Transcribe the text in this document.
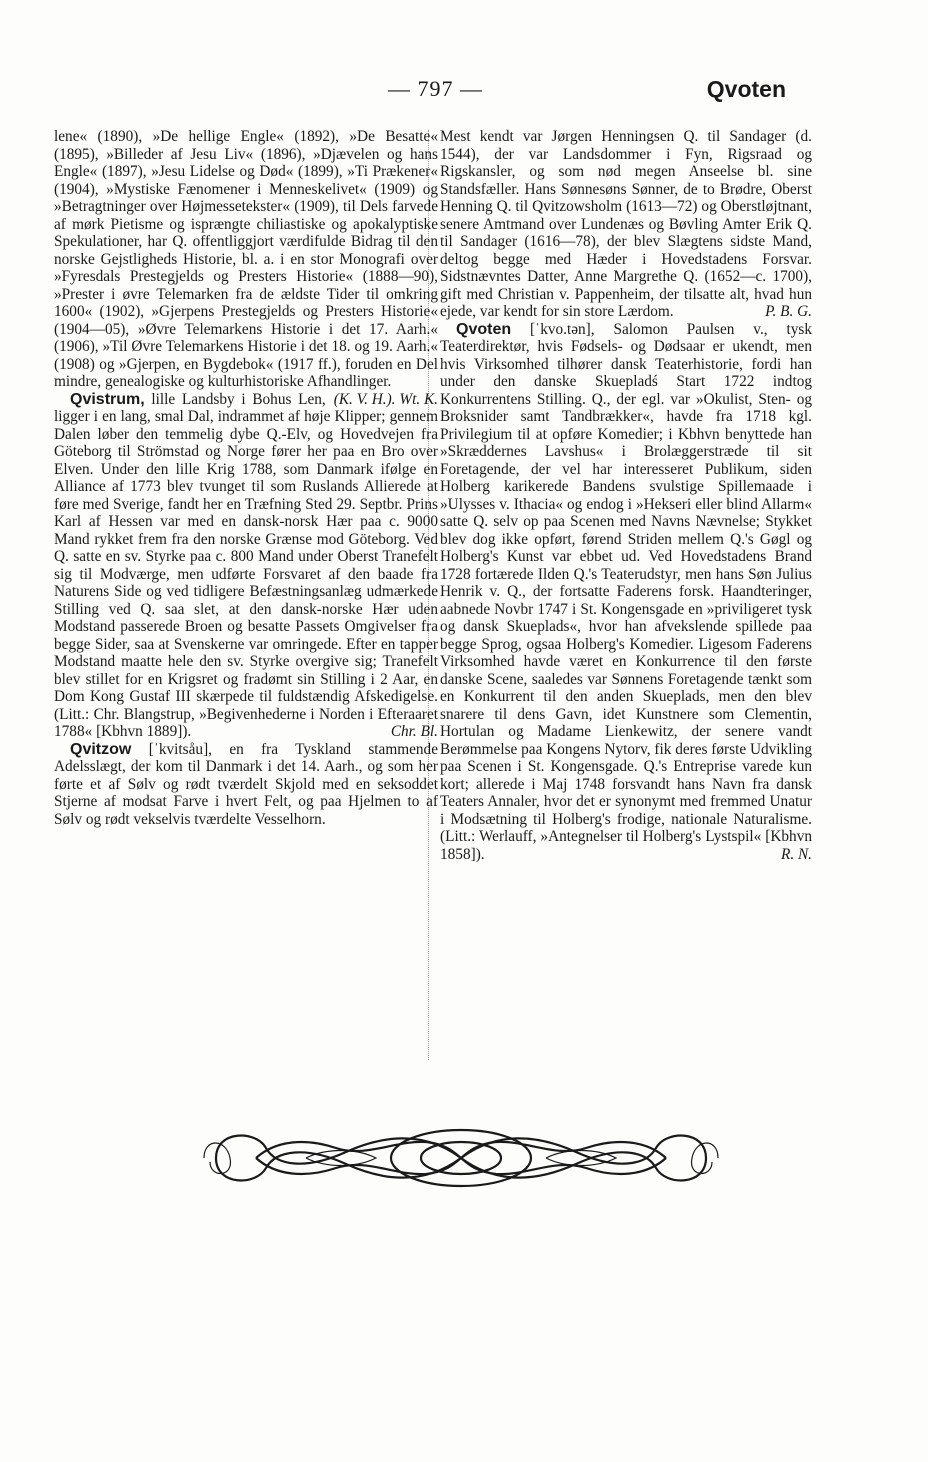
— 797 —	Qvoten

lene« (1890), »De hellige Engle« (1892), »De Besatte« (1895), »Billeder af Jesu Liv« (1896), »Djævelen og hans Engle« (1897), »Jesu Lidelse og Død« (1899), »Ti Prækener« (1904), »Mystiske Fænomener i Menneskelivet« (1909) og »Betragtninger over Højmessetekster« (1909), til Dels farvede af mørk Pietisme og isprængte chiliastiske og apokalyptiske Spekulationer, har Q. offentliggjort værdifulde Bidrag til den norske Gejstligheds Historie, bl. a. i en stor Monografi over »Fyresdals Prestegjelds og Presters Historie« (1888—90), »Prester i øvre Telemarken fra de ældste Tider til omkring 1600« (1902), »Gjerpens Prestegjelds og Presters Historie« (1904—05), »Øvre Telemarkens Historie i det 17. Aarh.« (1906), »Til Øvre Telemarkens Historie i det 18. og 19. Aarh.« (1908) og »Gjerpen, en Bygdebok« (1917 ff.), foruden en Del mindre, genealogiske og kulturhistoriske Afhandlinger.
(K. V. H.). Wt. K.

Qvistrum, lille Landsby i Bohus Len, ligger i en lang, smal Dal, indrammet af høje Klipper; gennem Dalen løber den temmelig dybe Q.-Elv, og Hovedvejen fra Göteborg til Strömstad og Norge fører her paa en Bro over Elven. Under den lille Krig 1788, som Danmark ifølge en Alliance af 1773 blev tvunget til som Ruslands Allierede at føre med Sverige, fandt her en Træfning Sted 29. Septbr. Prins Karl af Hessen var med en dansk-norsk Hær paa c. 9000 Mand rykket frem fra den norske Grænse mod Göteborg. Ved Q. satte en sv. Styrke paa c. 800 Mand under Oberst Tranefelt sig til Modværge, men udførte Forsvaret af den baade fra Naturens Side og ved tidligere Befæstningsanlæg udmærkede Stilling ved Q. saa slet, at den dansk-norske Hær uden Modstand passerede Broen og besatte Passets Omgivelser fra begge Sider, saa at Svenskerne var omringede. Efter en tapper Modstand maatte hele den sv. Styrke overgive sig; Tranefelt blev stillet for en Krigsret og fradømt sin Stilling i 2 Aar, en Dom Kong Gustaf III skærpede til fuldstændig Afskedigelse. (Litt.: Chr. Blangstrup, »Begivenhederne i Norden i Efteraaret 1788« [Kbhvn 1889]).	Chr. Bl.

Qvitzow [ˈkvitsåu], en fra Tyskland stammende Adelsslægt, der kom til Danmark i det 14. Aarh., og som her førte et af Sølv og rødt tværdelt Skjold med en seksoddet Stjerne af modsat Farve i hvert Felt, og paa Hjelmen to af Sølv og rødt vekselvis tværdelte Vesselhorn.

Mest kendt var Jørgen Henningsen Q. til Sandager (d. 1544), der var Landsdommer i Fyn, Rigsraad og Rigskansler, og som nød megen Anseelse bl. sine Standsfæller. Hans Sønnesøns Sønner, de to Brødre, Oberst Henning Q. til Qvitzowsholm (1613—72) og Oberstløjtnant, senere Amtmand over Lundenæs og Bøvling Amter Erik Q. til Sandager (1616—78), der blev Slægtens sidste Mand, deltog begge med Hæder i Hovedstadens Forsvar. Sidstnævntes Datter, Anne Margrethe Q. (1652—c. 1700), gift med Christian v. Pappenheim, der tilsatte alt, hvad hun ejede, var kendt for sin store Lærdom.	P. B. G.

Qvoten [ˈkvo.tən], Salomon Paulsen v., tysk Teaterdirektør, hvis Fødsels- og Dødsaar er ukendt, men hvis Virksomhed tilhører dansk Teaterhistorie, fordi han under den danske Skuepladś Start 1722 indtog Konkurrentens Stilling. Q., der egl. var »Okulist, Sten- og Broksnider samt Tandbrækker«, havde fra 1718 kgl. Privilegium til at opføre Komedier; i Kbhvn benyttede han »Skræddernes Lavshus« i Brolæggerstræde til sit Foretagende, der vel har interesseret Publikum, siden Holberg karikerede Bandens svulstige Spillemaade i »Ulysses v. Ithacia« og endog i »Hekseri eller blind Allarm« satte Q. selv op paa Scenen med Navns Nævnelse; Stykket blev dog ikke opført, førend Striden mellem Q.'s Gøgl og Holberg's Kunst var ebbet ud. Ved Hovedstadens Brand 1728 fortærede Ilden Q.'s Teaterudstyr, men hans Søn Julius Henrik v. Q., der fortsatte Faderens forsk. Haandteringer, aabnede Novbr 1747 i St. Kongensgade en »priviligeret tysk og dansk Skueplads«, hvor han afvekslende spillede paa begge Sprog, ogsaa Holberg's Komedier. Ligesom Faderens Virksomhed havde været en Konkurrence til den første danske Scene, saaledes var Sønnens Foretagende tænkt som en Konkurrent til den anden Skueplads, men den blev snarere til dens Gavn, idet Kunstnere som Clementin, Hortulan og Madame Lienkewitz, der senere vandt Berømmelse paa Kongens Nytorv, fik deres første Udvikling paa Scenen i St. Kongensgade. Q.'s Entreprise varede kun kort; allerede i Maj 1748 forsvandt hans Navn fra dansk Teaters Annaler, hvor det er synonymt med fremmed Unatur i Modsætning til Holberg's frodige, nationale Naturalisme. (Litt.: Werlauff, »Antegnelser til Holberg's Lystspil« [Kbhvn 1858]).	R. N.
